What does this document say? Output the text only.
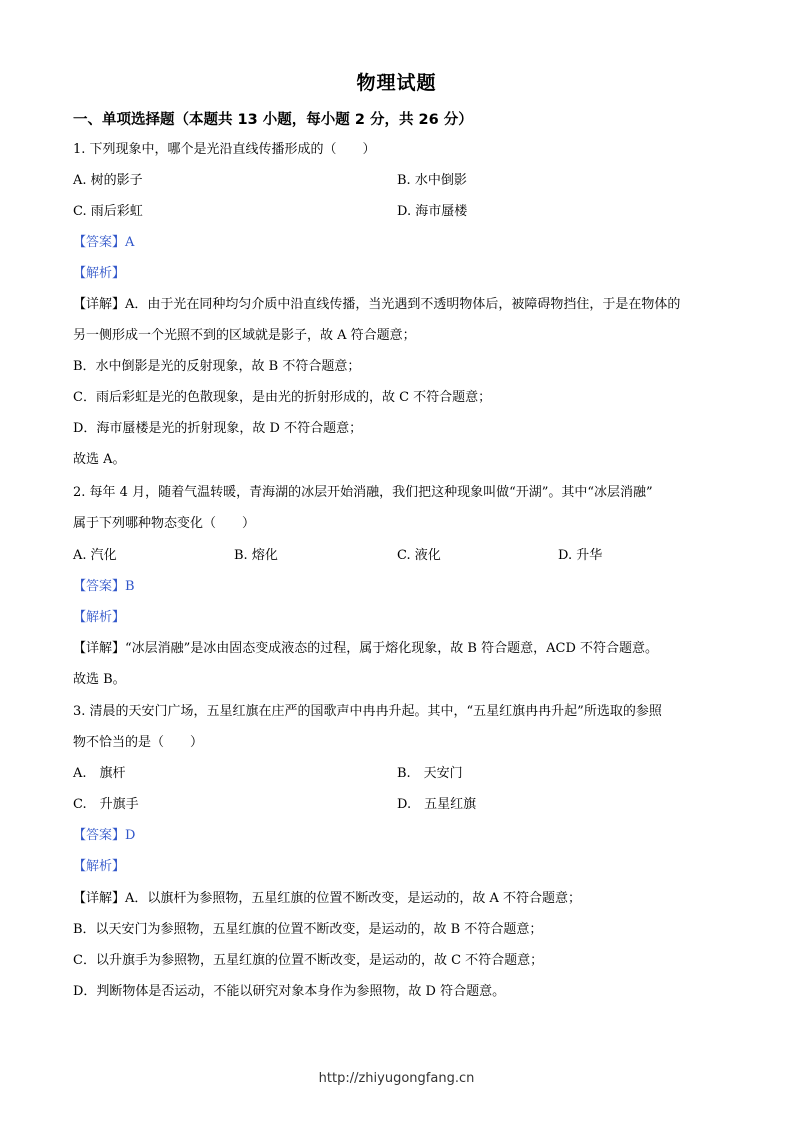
物理试题
一、单项选择题（本题共 13 小题，每小题 2 分，共 26 分）
1. 下列现象中，哪个是光沿直线传播形成的（　　）
A. 树的影子	B. 水中倒影
C. 雨后彩虹	D. 海市蜃楼
【答案】A
【解析】
【详解】A．由于光在同种均匀介质中沿直线传播，当光遇到不透明物体后，被障碍物挡住，于是在物体的
另一侧形成一个光照不到的区域就是影子，故 A 符合题意；
B．水中倒影是光的反射现象，故 B 不符合题意；
C．雨后彩虹是光的色散现象，是由光的折射形成的，故 C 不符合题意；
D．海市蜃楼是光的折射现象，故 D 不符合题意；
故选 A。
2. 每年 4 月，随着气温转暖，青海湖的冰层开始消融，我们把这种现象叫做“开湖”。其中“冰层消融”
属于下列哪种物态变化（　　）
A. 汽化	B. 熔化	C. 液化	D. 升华
【答案】B
【解析】
【详解】“冰层消融”是冰由固态变成液态的过程，属于熔化现象，故 B 符合题意，ACD 不符合题意。
故选 B。
3. 清晨的天安门广场，五星红旗在庄严的国歌声中冉冉升起。其中，“五星红旗冉冉升起”所选取的参照
物不恰当的是（　　）
A.　旗杆	B.　天安门
C.　升旗手	D.　五星红旗
【答案】D
【解析】
【详解】A．以旗杆为参照物，五星红旗的位置不断改变，是运动的，故 A 不符合题意；
B．以天安门为参照物，五星红旗的位置不断改变，是运动的，故 B 不符合题意；
C．以升旗手为参照物，五星红旗的位置不断改变，是运动的，故 C 不符合题意；
D．判断物体是否运动，不能以研究对象本身作为参照物，故 D 符合题意。
http://zhiyugongfang.cn
